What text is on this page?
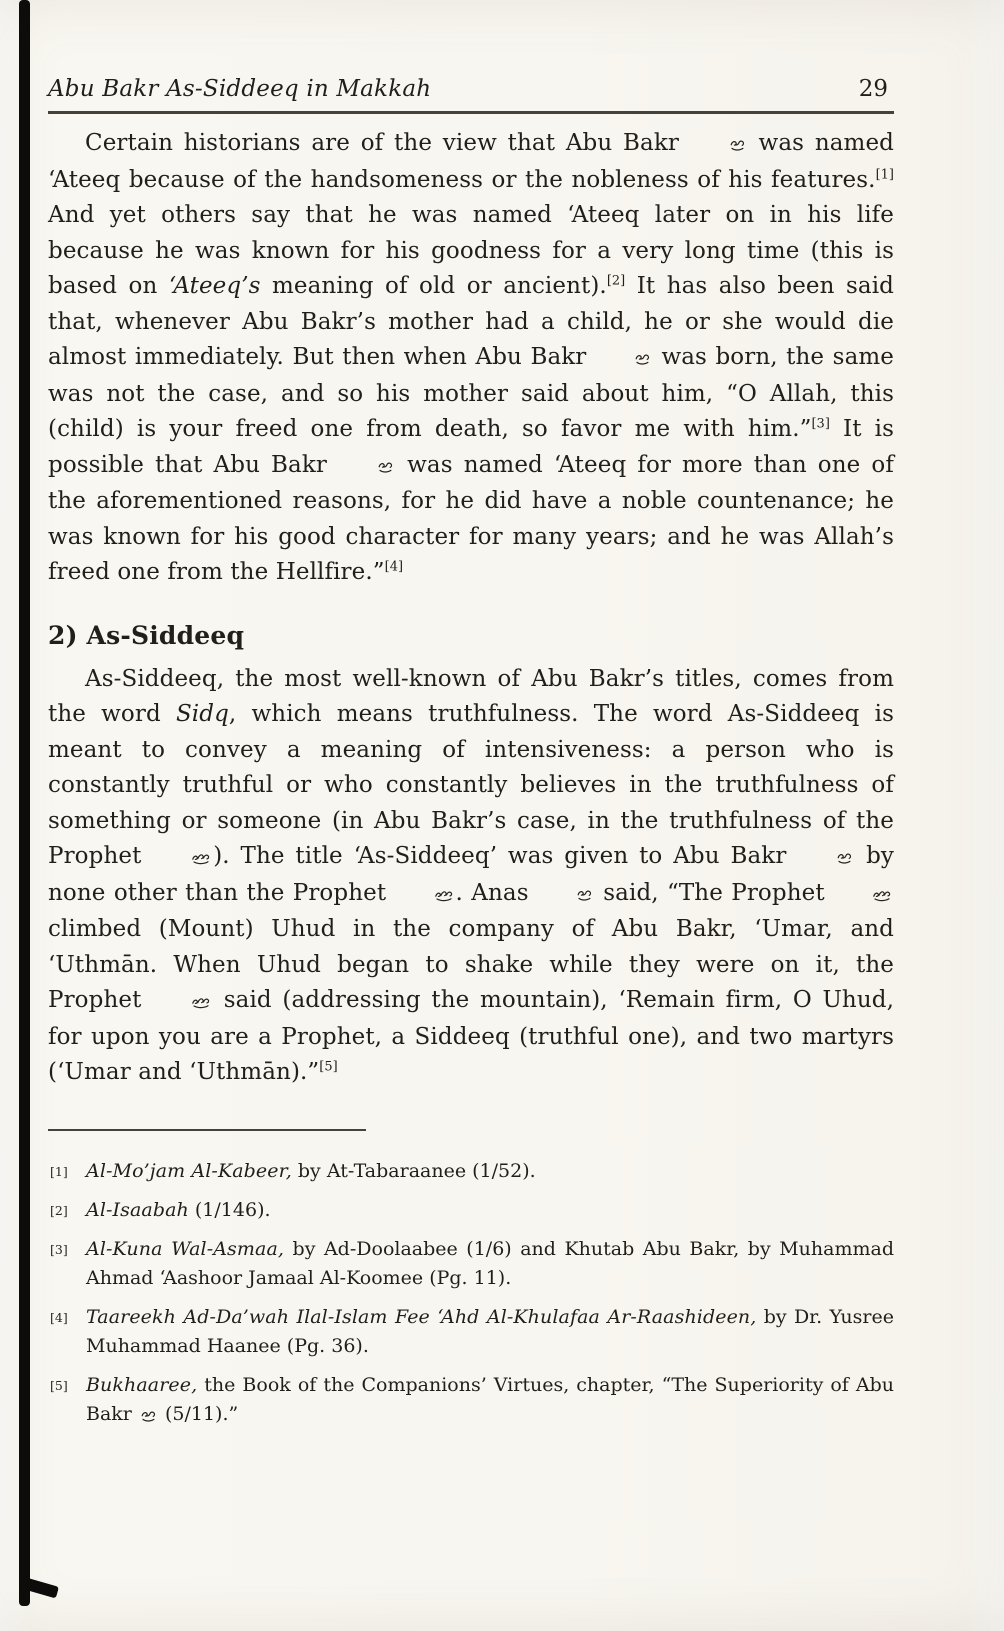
Abu Bakr As-Siddeeq in Makkah	29

Certain historians are of the view that Abu Bakr	was named ‘Ateeq because of the handsomeness or the nobleness of his features.[1] And yet others say that he was named ‘Ateeq later on in his life because he was known for his goodness for a very long time (this is based on ‘Ateeq’s meaning of old or ancient).[2] It has also been said that, whenever Abu Bakr’s mother had a child, he or she would die almost immediately. But then when Abu Bakr	was born, the same was not the case, and so his mother said about him, “O Allah, this (child) is your freed one from death, so favor me with him.”[3] It is possible that Abu Bakr	was named ‘Ateeq for more than one of the aforementioned reasons, for he did have a noble countenance; he was known for his good character for many years; and he was Allah’s freed one from the Hellfire.”[4]

2) As-Siddeeq

As-Siddeeq, the most well-known of Abu Bakr’s titles, comes from the word Sidq, which means truthfulness. The word As-Siddeeq is meant to convey a meaning of intensiveness: a person who is constantly truthful or who constantly believes in the truthfulness of something or someone (in Abu Bakr’s case, in the truthfulness of the Prophet	). The title ‘As-Siddeeq’ was given to Abu Bakr	by none other than the Prophet	. Anas	said, “The Prophet  climbed (Mount) Uhud in the company of Abu Bakr, ‘Umar, and ‘Uthmān. When Uhud began to shake while they were on it, the Prophet	said (addressing the mountain), ‘Remain firm, O Uhud, for upon you are a Prophet, a Siddeeq (truthful one), and two martyrs (‘Umar and ‘Uthmān).”[5]

[1] Al-Mo’jam Al-Kabeer, by At-Tabaraanee (1/52).
[2] Al-Isaabah (1/146).
[3] Al-Kuna Wal-Asmaa, by Ad-Doolaabee (1/6) and Khutab Abu Bakr, by Muhammad Ahmad ‘Aashoor Jamaal Al-Koomee (Pg. 11).
[4] Taareekh Ad-Da’wah Ilal-Islam Fee ‘Ahd Al-Khulafaa Ar-Raashideen, by Dr. Yusree Muhammad Haanee (Pg. 36).
[5] Bukhaaree, the Book of the Companions’ Virtues, chapter, “The Superiority of Abu Bakr  (5/11).”
